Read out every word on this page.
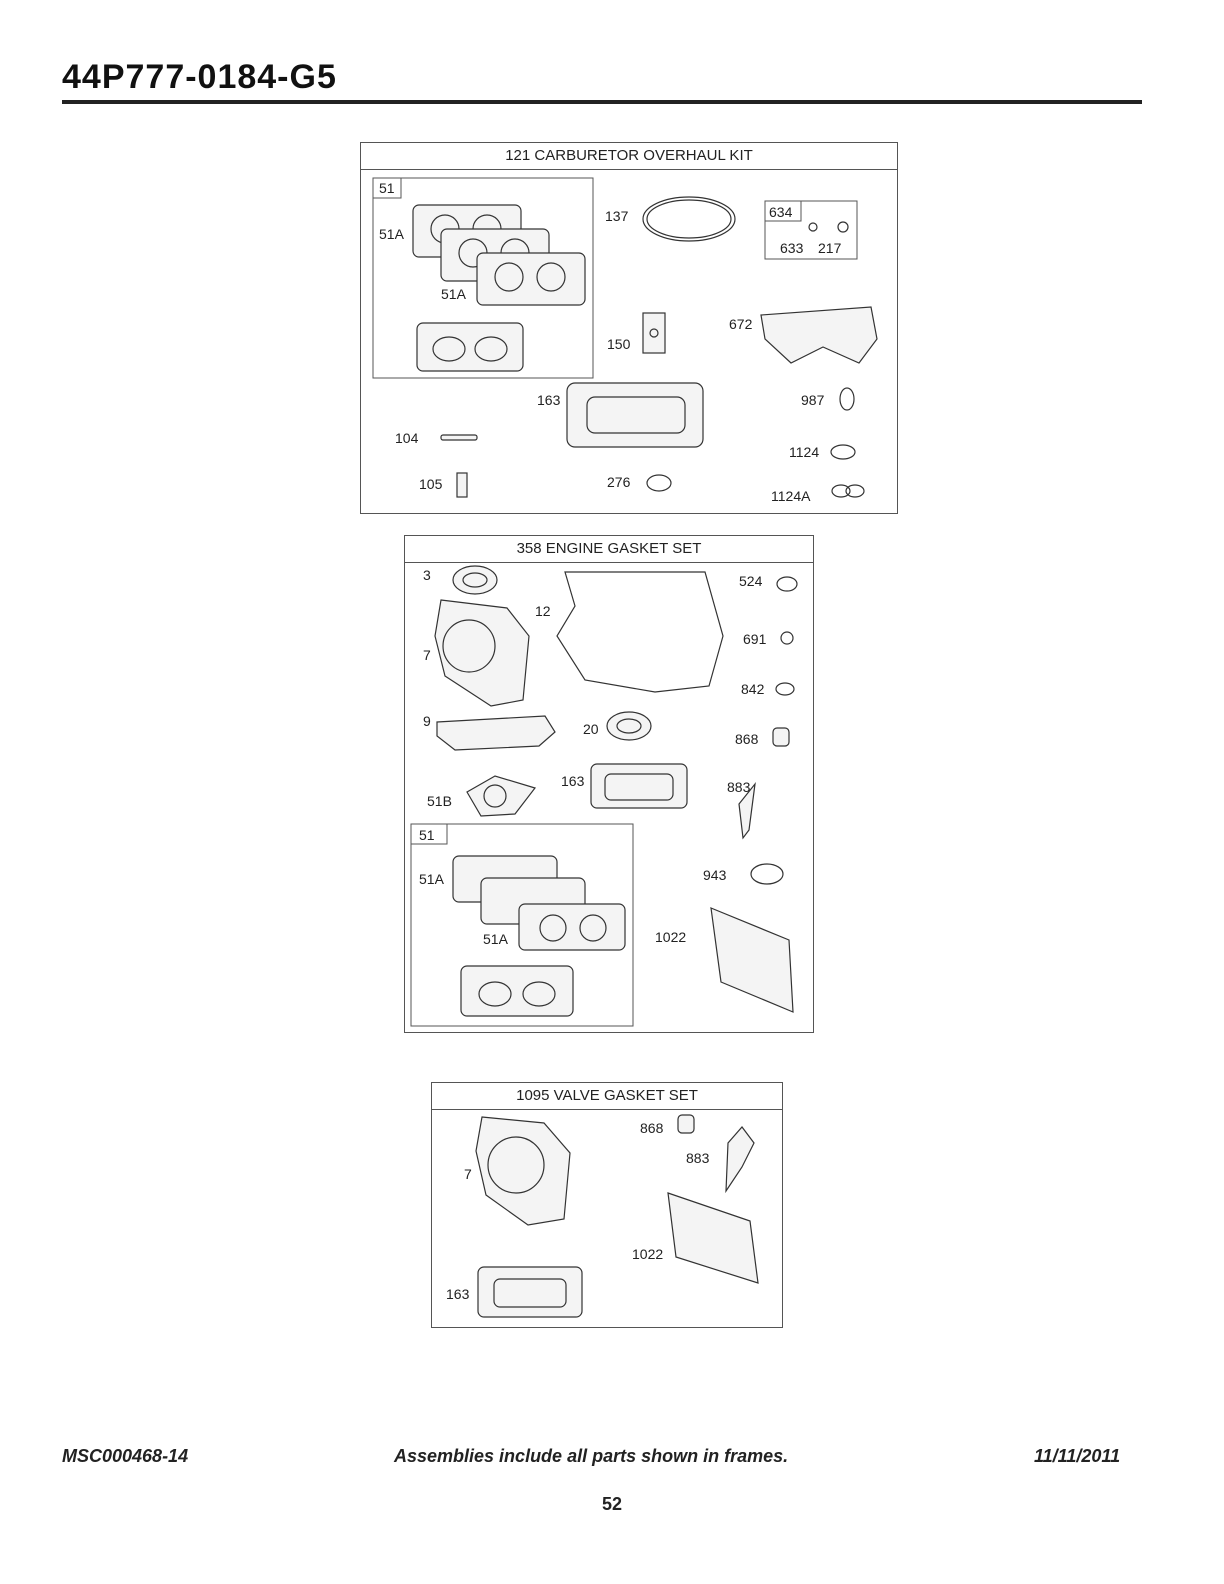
44P777-0184-G5
121 CARBURETOR OVERHAUL KIT
51
51A
51A
137	634
633 217
150
672
163	987
104
1124
105	276
1124A
358 ENGINE GASKET SET
3
12
524
7
691
842
9	20
868
163	883
51B
51
51A	943
51A	1022
1095 VALVE GASKET SET
7
868
883
1022
163
MSC000468-14	Assemblies include all parts shown in frames.	11/11/2011
52
